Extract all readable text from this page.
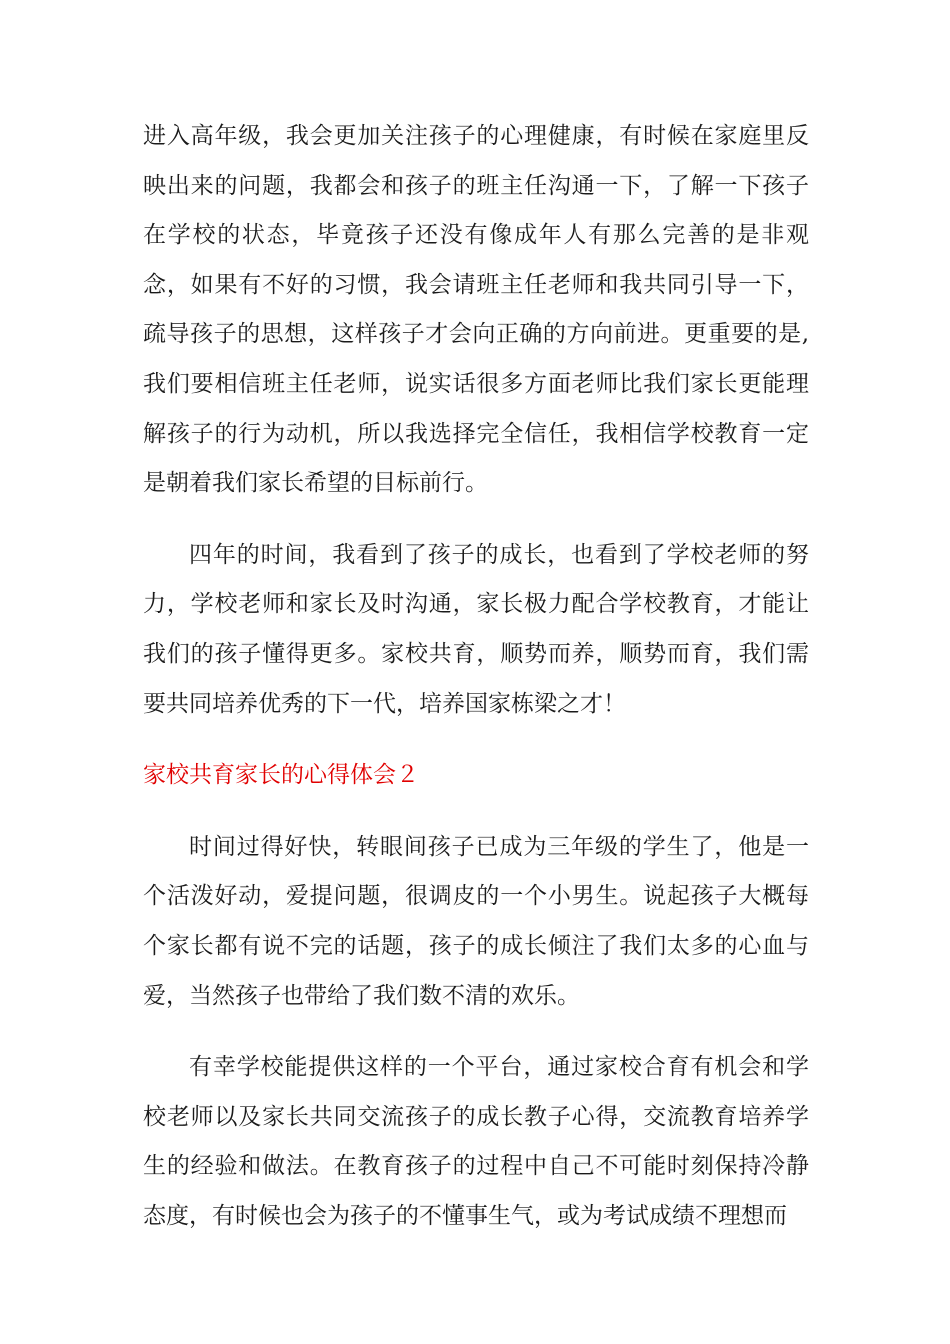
进入高年级，我会更加关注孩子的心理健康，有时候在家庭里反映出来的问题，我都会和孩子的班主任沟通一下，了解一下孩子在学校的状态，毕竟孩子还没有像成年人有那么完善的是非观念，如果有不好的习惯，我会请班主任老师和我共同引导一下，疏导孩子的思想，这样孩子才会向正确的方向前进。更重要的是,我们要相信班主任老师，说实话很多方面老师比我们家长更能理解孩子的行为动机，所以我选择完全信任，我相信学校教育一定是朝着我们家长希望的目标前行。

四年的时间，我看到了孩子的成长，也看到了学校老师的努力，学校老师和家长及时沟通，家长极力配合学校教育，才能让我们的孩子懂得更多。家校共育，顺势而养，顺势而育，我们需要共同培养优秀的下一代，培养国家栋梁之才！

家校共育家长的心得体会２

时间过得好快，转眼间孩子已成为三年级的学生了，他是一个活泼好动，爱提问题，很调皮的一个小男生。说起孩子大概每个家长都有说不完的话题，孩子的成长倾注了我们太多的心血与爱，当然孩子也带给了我们数不清的欢乐。

有幸学校能提供这样的一个平台，通过家校合育有机会和学校老师以及家长共同交流孩子的成长教子心得，交流教育培养学生的经验和做法。在教育孩子的过程中自己不可能时刻保持冷静态度，有时候也会为孩子的不懂事生气，或为考试成绩不理想而
